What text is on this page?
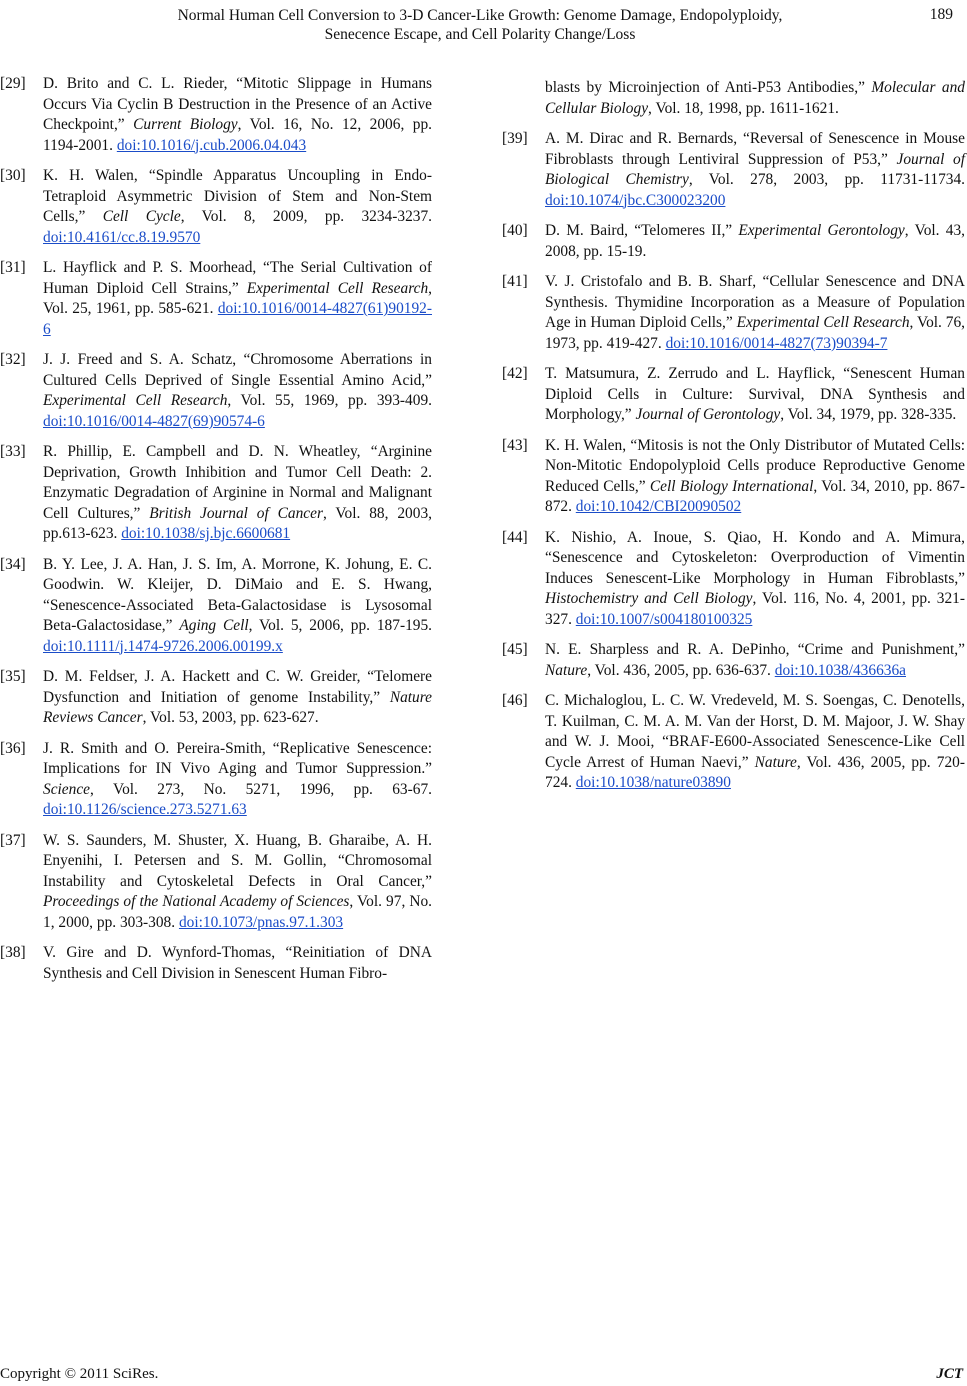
Normal Human Cell Conversion to 3-D Cancer-Like Growth: Genome Damage, Endopolyploidy,
Senecence Escape, and Cell Polarity Change/Loss
189
[29]	D. Brito and C. L. Rieder, “Mitotic Slippage in Humans Occurs Via Cyclin B Destruction in the Presence of an Active Checkpoint,” Current Biology, Vol. 16, No. 12, 2006, pp. 1194-2001. doi:10.1016/j.cub.2006.04.043
[30]	K. H. Walen, “Spindle Apparatus Uncoupling in Endo-Tetraploid Asymmetric Division of Stem and Non-Stem Cells,” Cell Cycle, Vol. 8, 2009, pp. 3234-3237. doi:10.4161/cc.8.19.9570
[31]	L. Hayflick and P. S. Moorhead, “The Serial Cultivation of Human Diploid Cell Strains,” Experimental Cell Research, Vol. 25, 1961, pp. 585-621. doi:10.1016/0014-4827(61)90192-6
[32]	J. J. Freed and S. A. Schatz, “Chromosome Aberrations in Cultured Cells Deprived of Single Essential Amino Acid,” Experimental Cell Research, Vol. 55, 1969, pp. 393-409. doi:10.1016/0014-4827(69)90574-6
[33]	R. Phillip, E. Campbell and D. N. Wheatley, “Arginine Deprivation, Growth Inhibition and Tumor Cell Death: 2. Enzymatic Degradation of Arginine in Normal and Malignant Cell Cultures,” British Journal of Cancer, Vol. 88, 2003, pp.613-623. doi:10.1038/sj.bjc.6600681
[34]	B. Y. Lee, J. A. Han, J. S. Im, A. Morrone, K. Johung, E. C. Goodwin. W. Kleijer, D. DiMaio and E. S. Hwang, “Senescence-Associated Beta-Galactosidase is Lysosomal Beta-Galactosidase,” Aging Cell, Vol. 5, 2006, pp. 187-195. doi:10.1111/j.1474-9726.2006.00199.x
[35]	D. M. Feldser, J. A. Hackett and C. W. Greider, “Telomere Dysfunction and Initiation of genome Instability,” Nature Reviews Cancer, Vol. 53, 2003, pp. 623-627.
[36]	J. R. Smith and O. Pereira-Smith, “Replicative Senescence: Implications for IN Vivo Aging and Tumor Suppression.” Science, Vol. 273, No. 5271, 1996, pp. 63-67. doi:10.1126/science.273.5271.63
[37]	W. S. Saunders, M. Shuster, X. Huang, B. Gharaibe, A. H. Enyenihi, I. Petersen and S. M. Gollin, “Chromosomal Instability and Cytoskeletal Defects in Oral Cancer,” Proceedings of the National Academy of Sciences, Vol. 97, No. 1, 2000, pp. 303-308. doi:10.1073/pnas.97.1.303
[38]	V. Gire and D. Wynford-Thomas, “Reinitiation of DNA Synthesis and Cell Division in Senescent Human Fibro-
blasts by Microinjection of Anti-P53 Antibodies,” Molecular and Cellular Biology, Vol. 18, 1998, pp. 1611-1621.
[39]	A. M. Dirac and R. Bernards, “Reversal of Senescence in Mouse Fibroblasts through Lentiviral Suppression of P53,” Journal of Biological Chemistry, Vol. 278, 2003, pp. 11731-11734. doi:10.1074/jbc.C300023200
[40]	D. M. Baird, “Telomeres II,” Experimental Gerontology, Vol. 43, 2008, pp. 15-19.
[41]	V. J. Cristofalo and B. B. Sharf, “Cellular Senescence and DNA Synthesis. Thymidine Incorporation as a Measure of Population Age in Human Diploid Cells,” Experimental Cell Research, Vol. 76, 1973, pp. 419-427. doi:10.1016/0014-4827(73)90394-7
[42]	T. Matsumura, Z. Zerrudo and L. Hayflick, “Senescent Human Diploid Cells in Culture: Survival, DNA Synthesis and Morphology,” Journal of Gerontology, Vol. 34, 1979, pp. 328-335.
[43]	K. H. Walen, “Mitosis is not the Only Distributor of Mutated Cells: Non-Mitotic Endopolyploid Cells produce Reproductive Genome Reduced Cells,” Cell Biology International, Vol. 34, 2010, pp. 867-872. doi:10.1042/CBI20090502
[44]	K. Nishio, A. Inoue, S. Qiao, H. Kondo and A. Mimura, “Senescence and Cytoskeleton: Overproduction of Vimentin Induces Senescent-Like Morphology in Human Fibroblasts,” Histochemistry and Cell Biology, Vol. 116, No. 4, 2001, pp. 321-327. doi:10.1007/s004180100325
[45]	N. E. Sharpless and R. A. DePinho, “Crime and Punishment,” Nature, Vol. 436, 2005, pp. 636-637. doi:10.1038/436636a
[46]	C. Michaloglou, L. C. W. Vredeveld, M. S. Soengas, C. Denotells, T. Kuilman, C. M. A. M. Van der Horst, D. M. Majoor, J. W. Shay and W. J. Mooi, “BRAF-E600-Associated Senescence-Like Cell Cycle Arrest of Human Naevi,” Nature, Vol. 436, 2005, pp. 720-724. doi:10.1038/nature03890
Copyright © 2011 SciRes.	JCT
